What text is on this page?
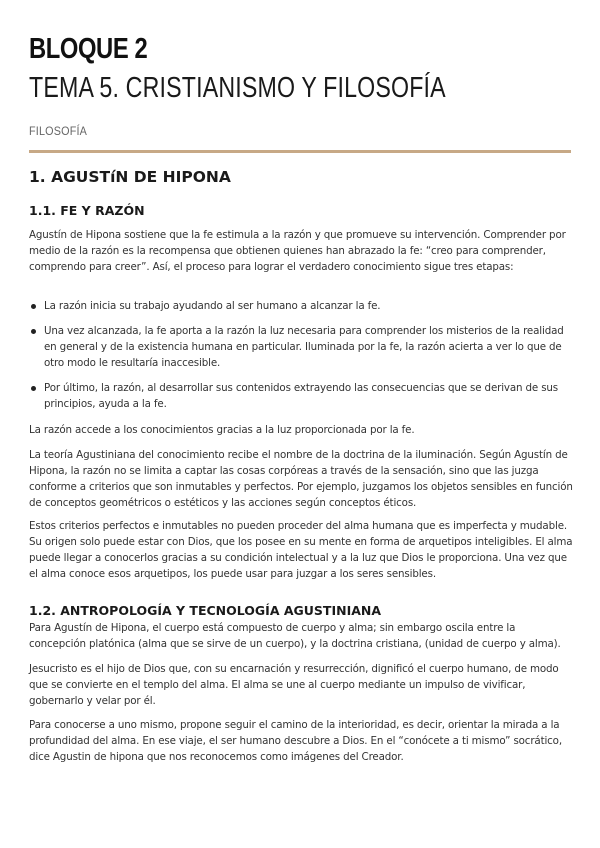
BLOQUE 2
TEMA 5. CRISTIANISMO Y FILOSOFÍA
FILOSOFÍA
1. AGUSTíN DE HIPONA
1.1. FE Y RAZÓN

Agustín de Hipona sostiene que la fe estimula a la razón y que promueve su intervención. Comprender por medio de la razón es la recompensa que obtienen quienes han abrazado la fe: “creo para comprender, comprendo para creer”. Así, el proceso para lograr el verdadero conocimiento sigue tres etapas:

La razón inicia su trabajo ayudando al ser humano a alcanzar la fe.

Una vez alcanzada, la fe aporta a la razón la luz necesaria para comprender los misterios de la realidad en general y de la existencia humana en particular. Iluminada por la fe, la razón acierta a ver lo que de otro modo le resultaría inaccesible.

Por último, la razón, al desarrollar sus contenidos extrayendo las consecuencias que se derivan de sus principios, ayuda a la fe.

La razón accede a los conocimientos gracias a la luz proporcionada por la fe.

La teoría Agustiniana del conocimiento recibe el nombre de la doctrina de la iluminación. Según Agustín de Hipona, la razón no se limita a captar las cosas corpóreas a través de la sensación, sino que las juzga conforme a criterios que son inmutables y perfectos. Por ejemplo, juzgamos los objetos sensibles en función de conceptos geométricos o estéticos y las acciones según conceptos éticos.

Estos criterios perfectos e inmutables no pueden proceder del alma humana que es imperfecta y mudable. Su origen solo puede estar con Dios, que los posee en su mente en forma de arquetipos inteligibles. El alma puede llegar a conocerlos gracias a su condición intelectual y a la luz que Dios le proporciona. Una vez que el alma conoce esos arquetipos, los puede usar para juzgar a los seres sensibles.

1.2. ANTROPOLOGÍA Y TECNOLOGÍA AGUSTINIANA

Para Agustín de Hipona, el cuerpo está compuesto de cuerpo y alma; sin embargo oscila entre la concepción platónica (alma que se sirve de un cuerpo), y la doctrina cristiana, (unidad de cuerpo y alma).

Jesucristo es el hijo de Dios que, con su encarnación y resurrección, dignificó el cuerpo humano, de modo que se convierte en el templo del alma. El alma se une al cuerpo mediante un impulso de vivificar, gobernarlo y velar por él.

Para conocerse a uno mismo, propone seguir el camino de la interioridad, es decir, orientar la mirada a la profundidad del alma. En ese viaje, el ser humano descubre a Dios. En el “conócete a ti mismo” socrático, dice Agustin de hipona que nos reconocemos como imágenes del Creador.
